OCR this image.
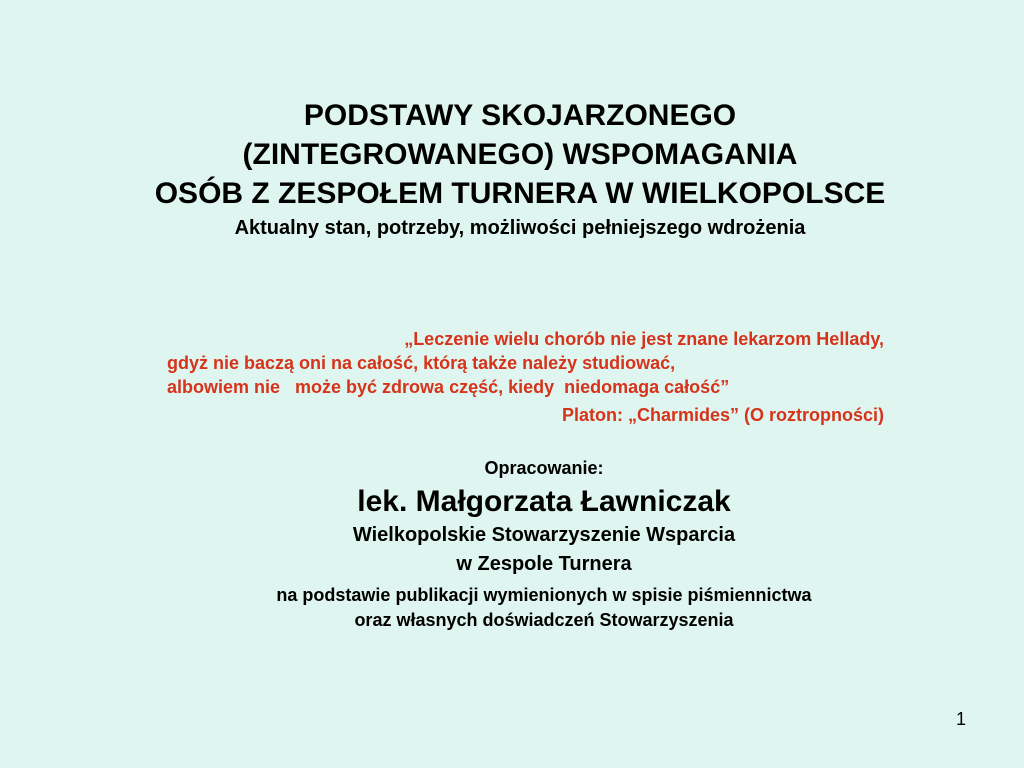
PODSTAWY SKOJARZONEGO
(ZINTEGROWANEGO) WSPOMAGANIA
OSÓB Z ZESPOŁEM TURNERA W WIELKOPOLSCE
Aktualny stan, potrzeby, możliwości pełniejszego wdrożenia
„Leczenie wielu chorób nie jest znane lekarzom Hellady,
gdyż nie baczą oni na całość, którą także należy studiować,
albowiem nie   może być zdrowa część, kiedy  niedomaga całość”
Platon: „Charmides” (O roztropności)
Opracowanie:
lek. Małgorzata Ławniczak
Wielkopolskie Stowarzyszenie Wsparcia
w Zespole Turnera
na podstawie publikacji wymienionych w spisie piśmiennictwa
oraz własnych doświadczeń Stowarzyszenia
1
